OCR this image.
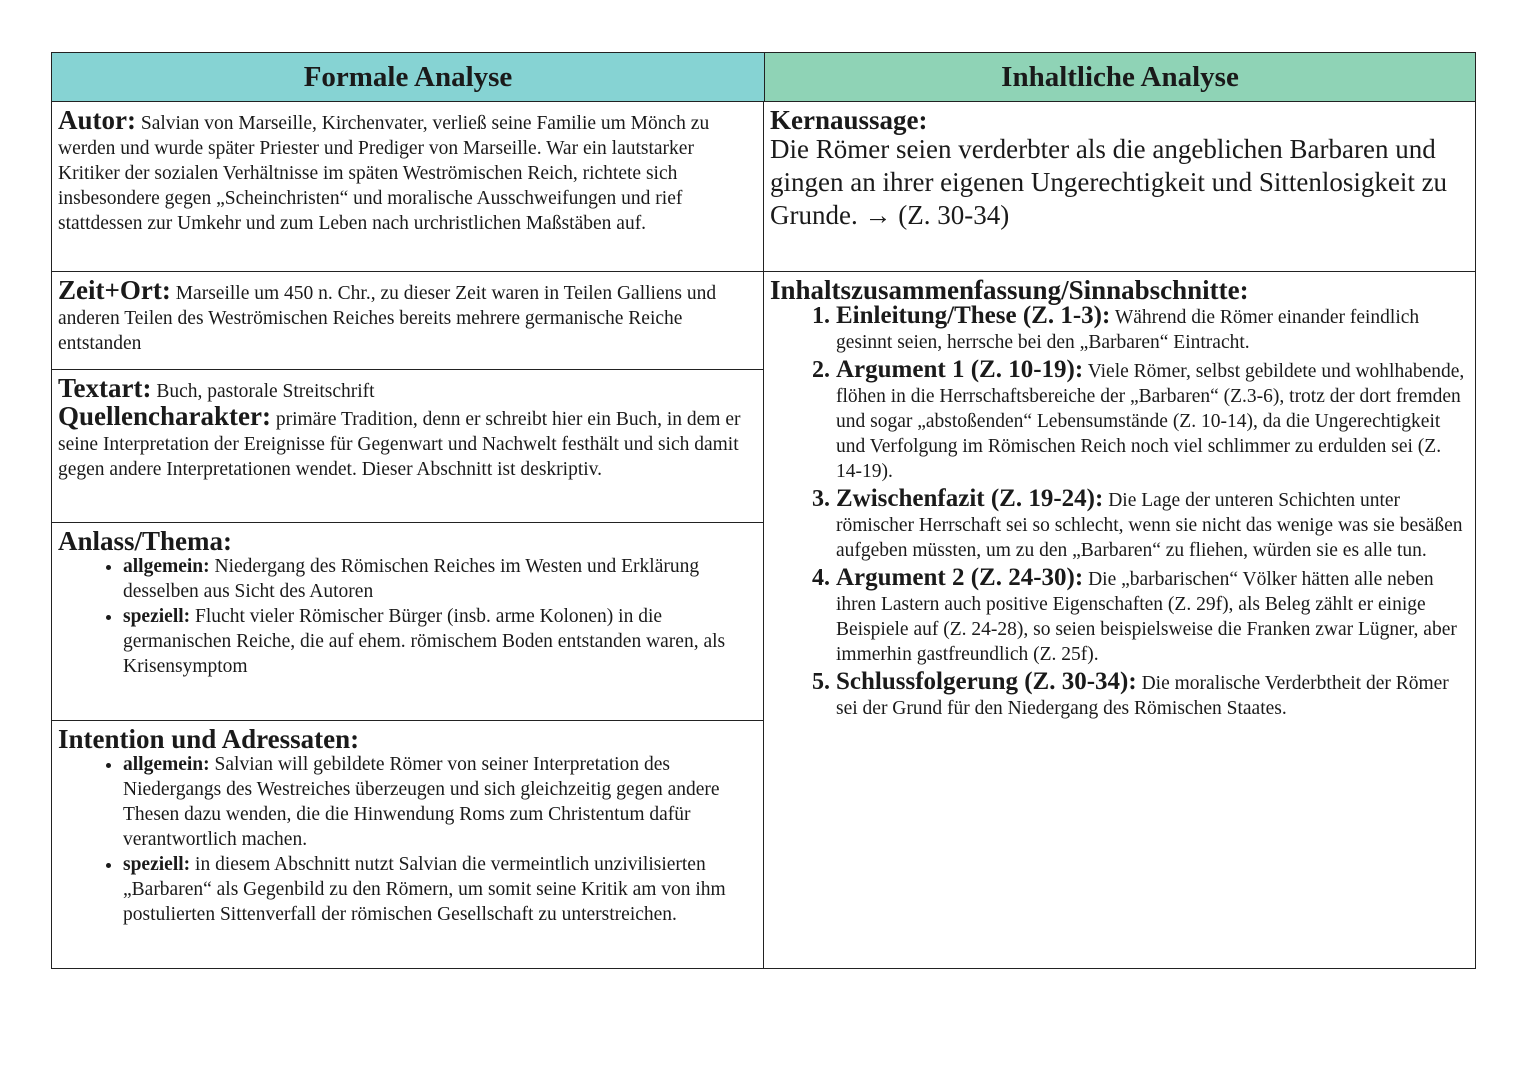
Formale Analyse	Inhaltliche Analyse
Autor: Salvian von Marseille, Kirchenvater, verließ seine Familie um Mönch zu werden und wurde später Priester und Prediger von Marseille. War ein lautstarker Kritiker der sozialen Verhältnisse im späten Weströmischen Reich, richtete sich insbesondere gegen „Scheinchristen“ und moralische Ausschweifungen und rief stattdessen zur Umkehr und zum Leben nach urchristlichen Maßstäben auf.
Zeit+Ort: Marseille um 450 n. Chr., zu dieser Zeit waren in Teilen Galliens und anderen Teilen des Weströmischen Reiches bereits mehrere germanische Reiche entstanden
Textart: Buch, pastorale Streitschrift
Quellencharakter: primäre Tradition, denn er schreibt hier ein Buch, in dem er seine Interpretation der Ereignisse für Gegenwart und Nachwelt festhält und sich damit gegen andere Interpretationen wendet. Dieser Abschnitt ist deskriptiv.
Anlass/Thema:
• allgemein: Niedergang des Römischen Reiches im Westen und Erklärung desselben aus Sicht des Autoren
• speziell: Flucht vieler Römischer Bürger (insb. arme Kolonen) in die germanischen Reiche, die auf ehem. römischem Boden entstanden waren, als Krisensymptom
Intention und Adressaten:
• allgemein: Salvian will gebildete Römer von seiner Interpretation des Niedergangs des Westreiches überzeugen und sich gleichzeitig gegen andere Thesen dazu wenden, die die Hinwendung Roms zum Christentum dafür verantwortlich machen.
• speziell: in diesem Abschnitt nutzt Salvian die vermeintlich unzivilisierten „Barbaren“ als Gegenbild zu den Römern, um somit seine Kritik am von ihm postulierten Sittenverfall der römischen Gesellschaft zu unterstreichen.
Kernaussage:
Die Römer seien verderbter als die angeblichen Barbaren und gingen an ihrer eigenen Ungerechtigkeit und Sittenlosigkeit zu Grunde. → (Z. 30-34)
Inhaltszusammenfassung/Sinnabschnitte:
1. Einleitung/These (Z. 1-3): Während die Römer einander feindlich gesinnt seien, herrsche bei den „Barbaren“ Eintracht.
2. Argument 1 (Z. 10-19): Viele Römer, selbst gebildete und wohlhabende, flöhen in die Herrschaftsbereiche der „Barbaren“ (Z.3-6), trotz der dort fremden und sogar „abstoßenden“ Lebensumstände (Z. 10-14), da die Ungerechtigkeit und Verfolgung im Römischen Reich noch viel schlimmer zu erdulden sei (Z. 14-19).
3. Zwischenfazit (Z. 19-24): Die Lage der unteren Schichten unter römischer Herrschaft sei so schlecht, wenn sie nicht das wenige was sie besäßen aufgeben müssten, um zu den „Barbaren“ zu fliehen, würden sie es alle tun.
4. Argument 2 (Z. 24-30): Die „barbarischen“ Völker hätten alle neben ihren Lastern auch positive Eigenschaften (Z. 29f), als Beleg zählt er einige Beispiele auf (Z. 24-28), so seien beispielsweise die Franken zwar Lügner, aber immerhin gastfreundlich (Z. 25f).
5. Schlussfolgerung (Z. 30-34): Die moralische Verderbtheit der Römer sei der Grund für den Niedergang des Römischen Staates.
